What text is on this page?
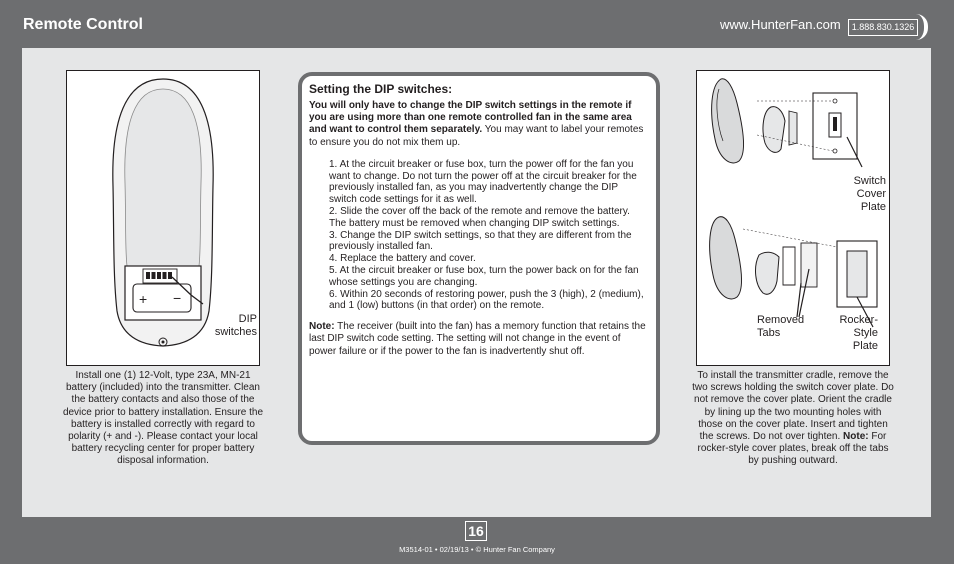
Remote Control	www.HunterFan.com	1.888.830.1326
+ −
DIP
switches
Install one (1) 12-Volt, type 23A, MN-21 battery (included) into the transmitter. Clean the battery contacts and also those of the device prior to battery installation. Ensure the battery is installed correctly with regard to polarity (+ and -). Please contact your local battery recycling center for proper battery disposal information.
Setting the DIP switches:

You will only have to change the DIP switch settings in the remote if you are using more than one remote controlled fan in the same area and want to control them separately. You may want to label your remotes to ensure you do not mix them up.

1. At the circuit breaker or fuse box, turn the power off for the fan you want to change. Do not turn the power off at the circuit breaker for the previously installed fan, as you may inadvertently change the DIP switch code settings for it as well.
2. Slide the cover off the back of the remote and remove the battery. The battery must be removed when changing DIP switch settings.
3. Change the DIP switch settings, so that they are different from the previously installed fan.
4. Replace the battery and cover.
5. At the circuit breaker or fuse box, turn the power back on for the fan whose settings you are changing.
6. Within 20 seconds of restoring power, push the 3 (high), 2 (medium), and 1 (low) buttons (in that order) on the remote.

Note: The receiver (built into the fan) has a memory function that retains the last DIP switch code setting. The setting will not change in the event of power failure or if the power to the fan is inadvertently shut off.

Switch
Cover
Plate
Removed
Tabs
Rocker-
Style
Plate
To install the transmitter cradle, remove the two screws holding the switch cover plate. Do not remove the cover plate. Orient the cradle by lining up the two mounting holes with those on the cover plate. Insert and tighten the screws. Do not over tighten. Note: For rocker-style cover plates, break off the tabs by pushing outward.
16
M3514-01 • 02/19/13 • © Hunter Fan Company
